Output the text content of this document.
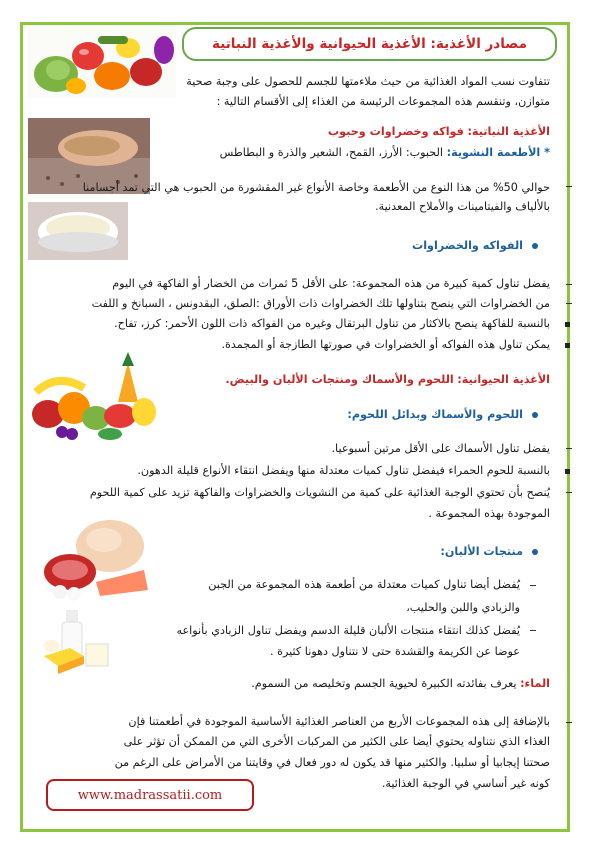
مصادر الأغذية: الأغذية الحيوانية والأغذية النباتية
تتفاوت نسب المواد الغذائية من حيث ملاءمتها للجسم للحصول على وجبة صحية
متوازن، وتنقسم هذه المجموعات الرئيسة من الغذاء إلى الأقسام التالية :
الأغذية النباتية: فواكه وخضراوات وحبوب
* الأطعمة النشوية: الحبوب: الأرز، القمح، الشعير والذرة و البطاطس
حوالي 50% من هذا النوع من الأطعمة وخاصة الأنواع غير المقشورة من الحبوب هي التي تمد أجسامنا
بالألياف والفيتامينات والأملاح المعدنية.
الفواكه والخضراوات
يفضل تناول كمية كبيرة من هذه المجموعة: على الأقل 5 ثمرات من الخضار أو الفاكهة في اليوم
من الخضراوات التي ينصح بتناولها تلك الخضراوات ذات الأوراق :الصلق، البقدونس ، السبانخ و اللفت
بالنسبة للفاكهة ينصح بالاكثار من تناول البرتقال وغيره من الفواكه ذات اللون الأحمر: كرز، تفاح.
يمكن تناول هذه الفواكه أو الخضراوات في صورتها الطازجة أو المجمدة.
الأغذية الحيوانية: اللحوم والأسماك ومنتجات الألبان والبيض.
اللحوم والأسماك وبدائل اللحوم:
يفضل تناول الأسماك على الأقل مرتين أسبوعيا.
بالنسبة للحوم الحمراء فيفضل تناول كميات معتدلة منها ويفضل انتقاء الأنواع قليلة الدهون.
يُنصح بأن تحتوي الوجبة الغذائية على كمية من النشويات والخضراوات والفاكهة تزيد على كمية اللحوم
الموجودة بهذه المجموعة .
منتجات الألبان:
يُفضل أيضا تناول كميات معتدلة من أطعمة هذه المجموعة من الجبن
والزبادي واللبن والحليب،
يُفضل كذلك انتقاء منتجات الألبان قليلة الدسم ويفضل تناول الزبادي بأنواعه
عوضا عن الكريمة والقشدة حتى لا نتناول دهونا كثيرة .
الماء: يعرف بفائدته الكبيرة لحيوية الجسم وتخليصه من السموم.
بالإضافة إلى هذه المجموعات الأربع من العناصر الغذائية الأساسية الموجودة في أطعمتنا فإن
الغذاء الذي نتناوله يحتوي أيضا على الكثير من المركبات الأخرى التي من الممكن أن تؤثر على
صحتنا إيجابيا أو سلبيا. والكثير منها قد يكون له دور فعال في وقايتنا من الأمراض على الرغم من
كونه غير أساسي في الوجبة الغذائية.
www.madrassatii.com
